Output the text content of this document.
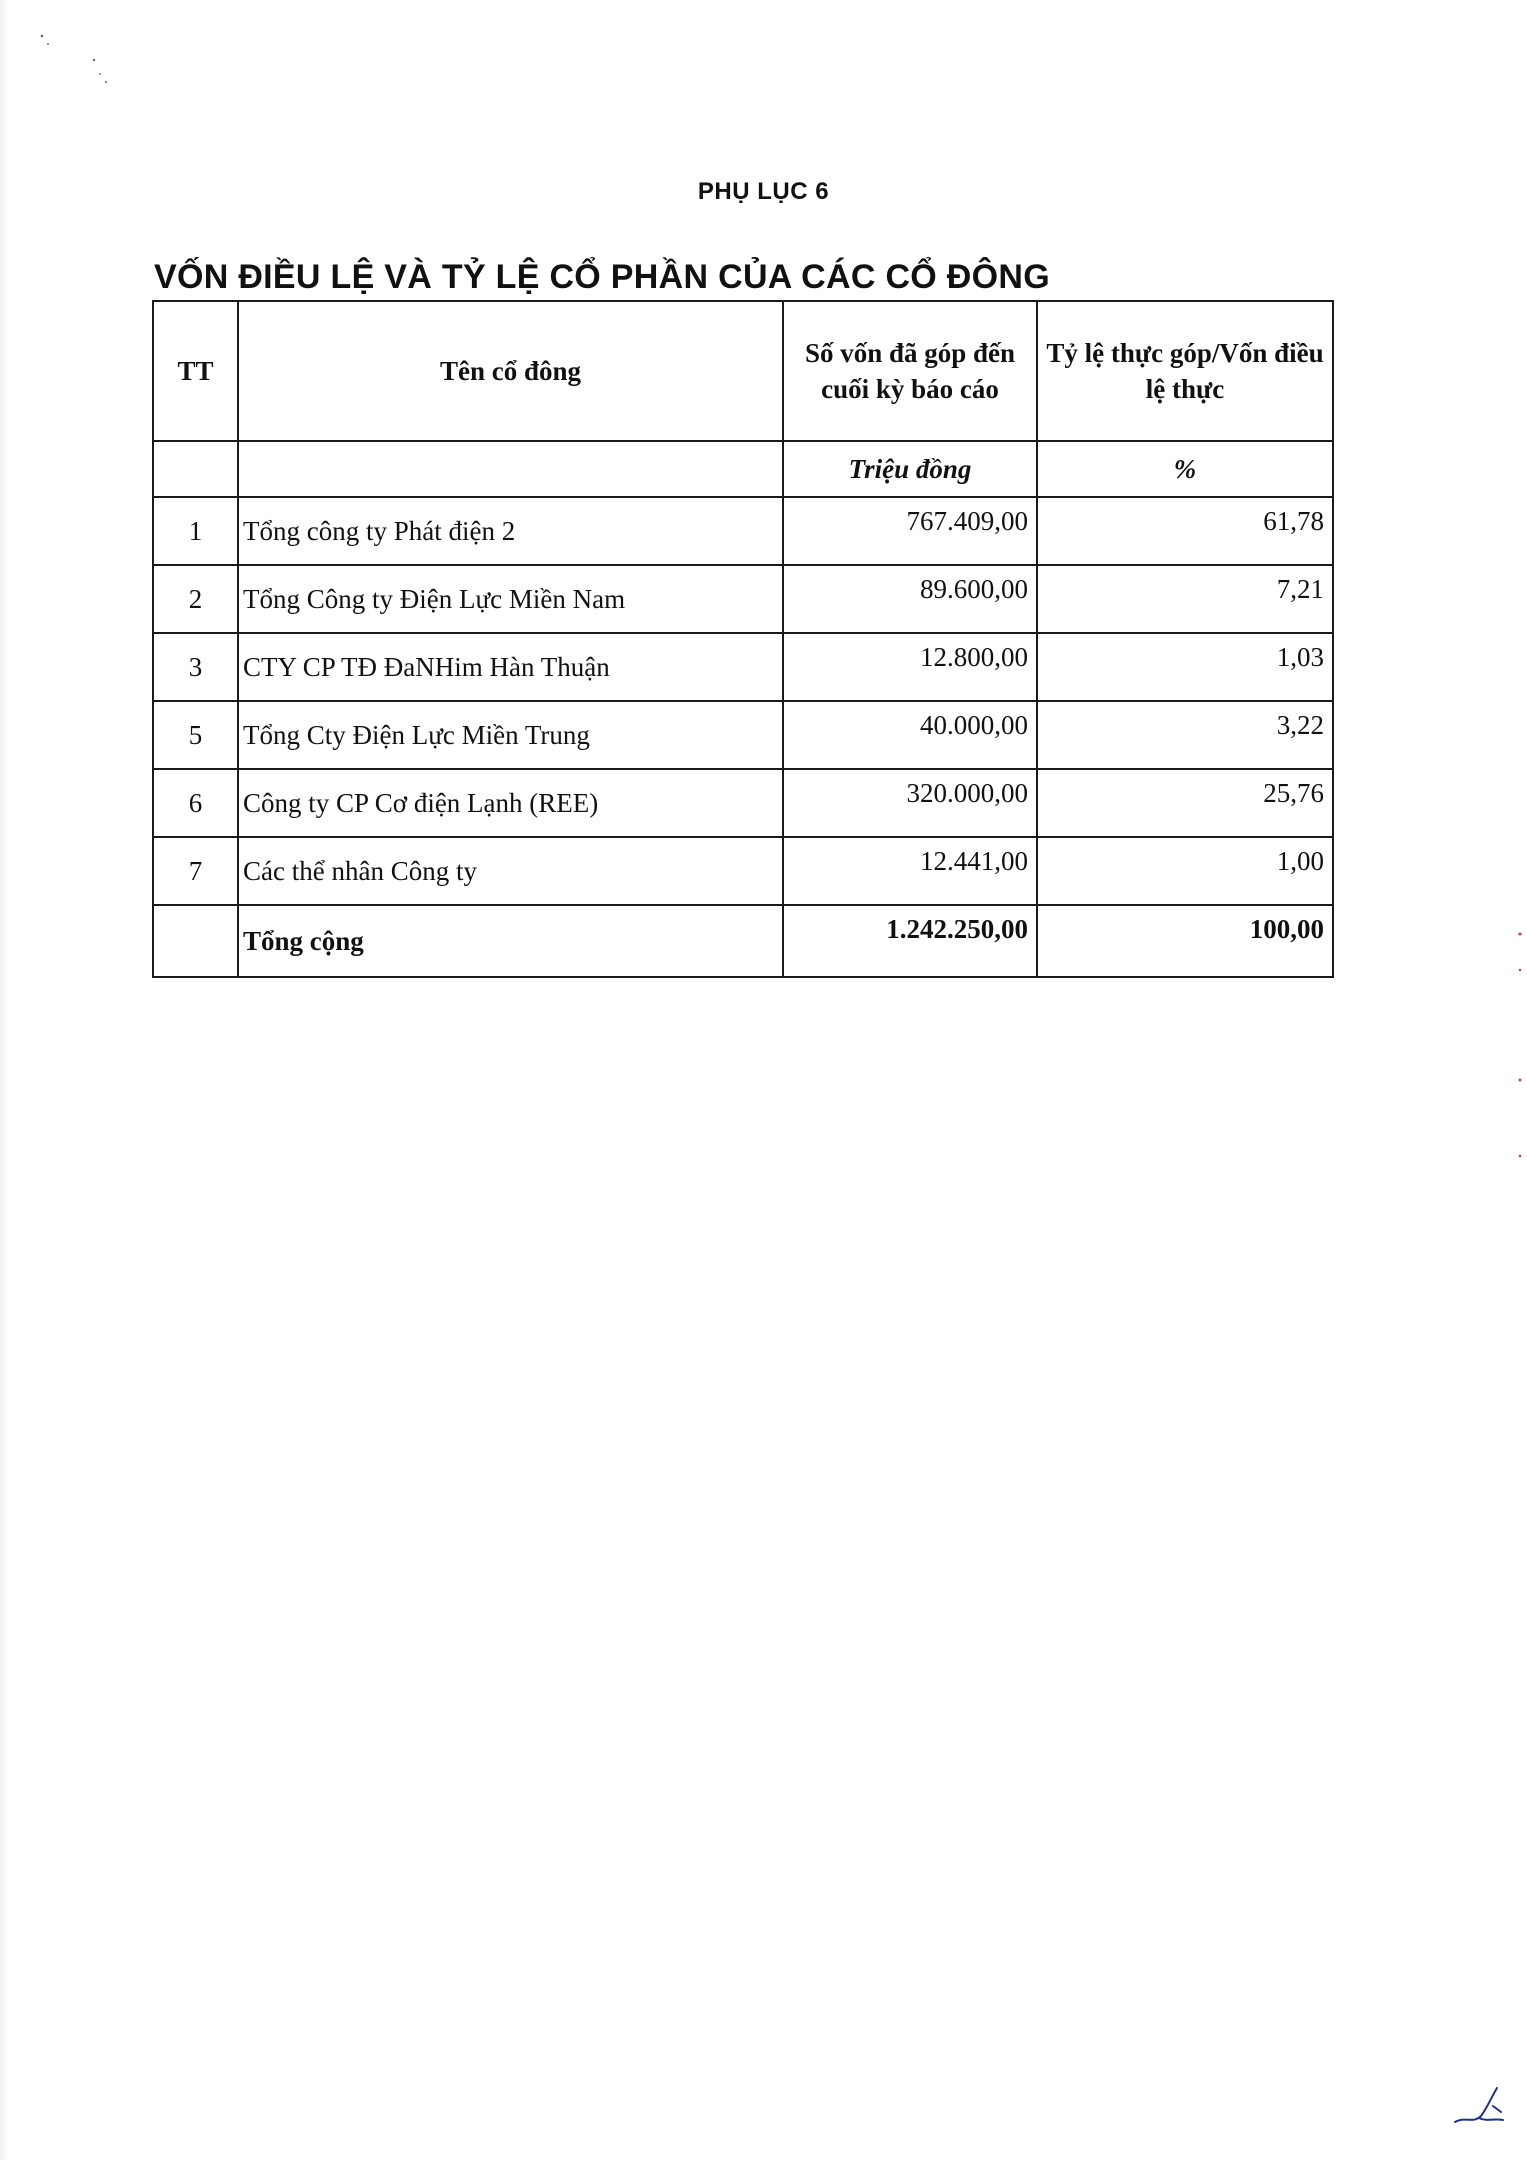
PHỤ LỤC 6
VỐN ĐIỀU LỆ VÀ TỶ LỆ CỔ PHẦN CỦA CÁC CỔ ĐÔNG
TT	Tên cổ đông	Số vốn đã góp đến cuối kỳ báo cáo	Tỷ lệ thực góp/Vốn điều lệ thực
		Triệu đồng	%
1	Tổng công ty Phát điện 2	767.409,00	61,78
2	Tổng Công ty Điện Lực Miền Nam	89.600,00	7,21
3	CTY CP TĐ ĐaNHim Hàn Thuận	12.800,00	1,03
5	Tổng Cty Điện Lực Miền Trung	40.000,00	3,22
6	Công ty CP Cơ điện Lạnh (REE)	320.000,00	25,76
7	Các thể nhân Công ty	12.441,00	1,00
	Tổng cộng	1.242.250,00	100,00
